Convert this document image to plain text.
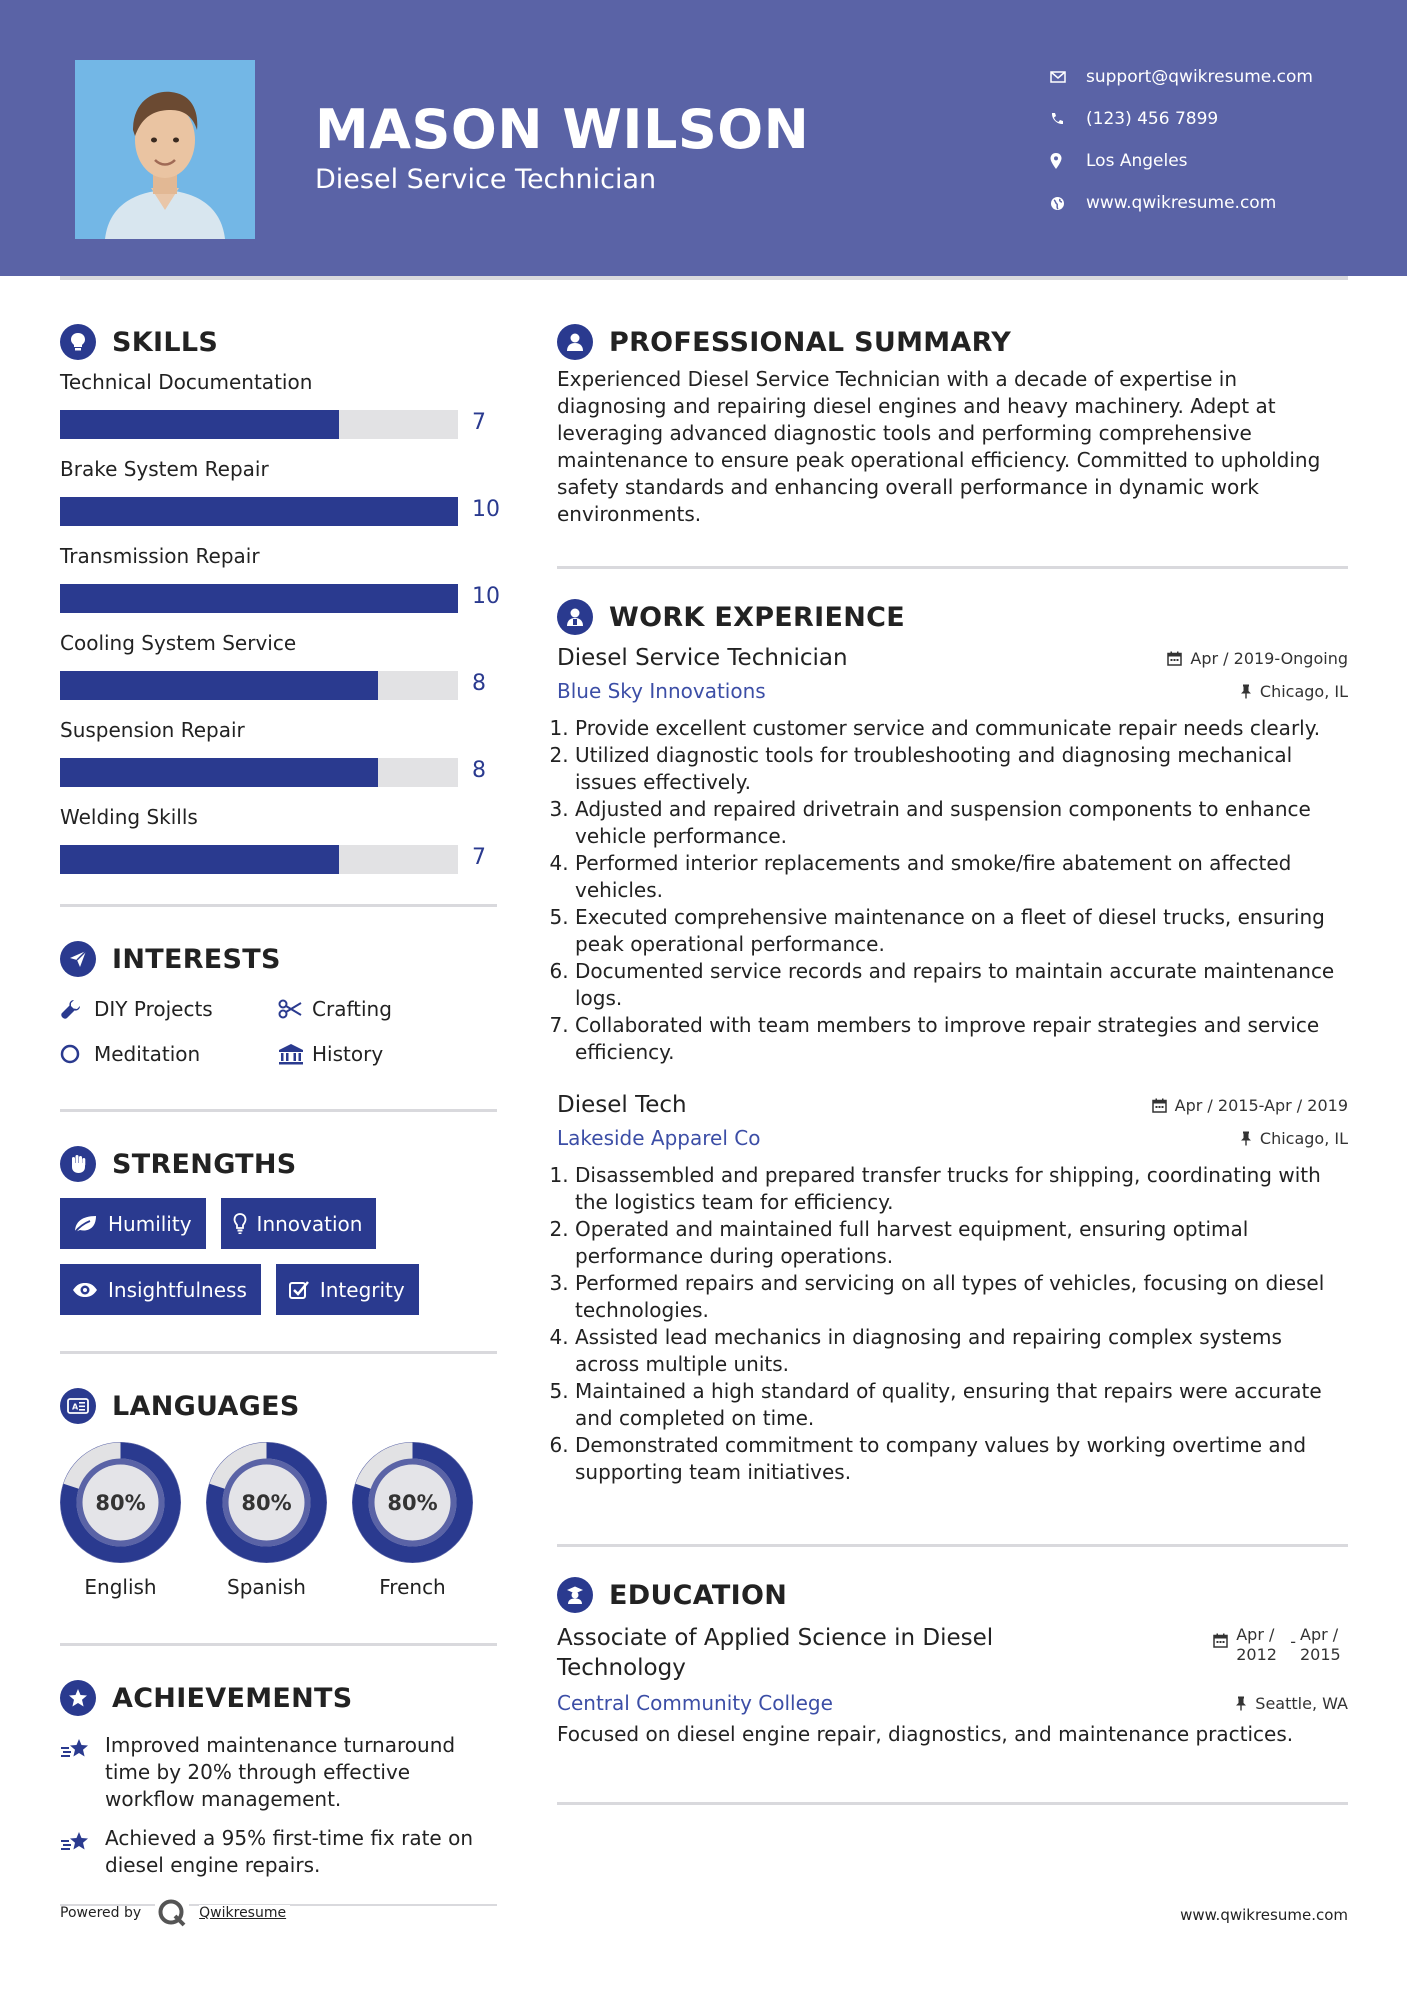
MASON WILSON
Diesel Service Technician
support@qwikresume.com
(123) 456 7899
Los Angeles
www.qwikresume.com
SKILLS
Technical Documentation
7
Brake System Repair
10
Transmission Repair
10
Cooling System Service
8
Suspension Repair
8
Welding Skills
7
INTERESTS
DIY Projects	Crafting
Meditation	History
STRENGTHS
Humility	Innovation
Insightfulness	Integrity
A LANGUAGES
80%
English
80%
Spanish
80%
French
ACHIEVEMENTS
Improved maintenance turnaround time by 20% through effective workflow management.
Achieved a 95% first-time fix rate on diesel engine repairs.
PROFESSIONAL SUMMARY
Experienced Diesel Service Technician with a decade of expertise in diagnosing and repairing diesel engines and heavy machinery. Adept at leveraging advanced diagnostic tools and performing comprehensive maintenance to ensure peak operational efficiency. Committed to upholding safety standards and enhancing overall performance in dynamic work environments.
WORK EXPERIENCE
Diesel Service Technician	Apr / 2019-Ongoing
Blue Sky Innovations	Chicago, IL
1. Provide excellent customer service and communicate repair needs clearly.
2. Utilized diagnostic tools for troubleshooting and diagnosing mechanical issues effectively.
3. Adjusted and repaired drivetrain and suspension components to enhance vehicle performance.
4. Performed interior replacements and smoke/fire abatement on affected vehicles.
5. Executed comprehensive maintenance on a fleet of diesel trucks, ensuring peak operational performance.
6. Documented service records and repairs to maintain accurate maintenance logs.
7. Collaborated with team members to improve repair strategies and service efficiency.
Diesel Tech	Apr / 2015-Apr / 2019
Lakeside Apparel Co	Chicago, IL
1. Disassembled and prepared transfer trucks for shipping, coordinating with the logistics team for efficiency.
2. Operated and maintained full harvest equipment, ensuring optimal performance during operations.
3. Performed repairs and servicing on all types of vehicles, focusing on diesel technologies.
4. Assisted lead mechanics in diagnosing and repairing complex systems across multiple units.
5. Maintained a high standard of quality, ensuring that repairs were accurate and completed on time.
6. Demonstrated commitment to company values by working overtime and supporting team initiatives.
EDUCATION
Associate of Applied Science in Diesel Technology
Apr / 2012
- Apr / 2015
Central Community College	Seattle, WA
Focused on diesel engine repair, diagnostics, and maintenance practices.
Powered by	Qwikresume	www.qwikresume.com
